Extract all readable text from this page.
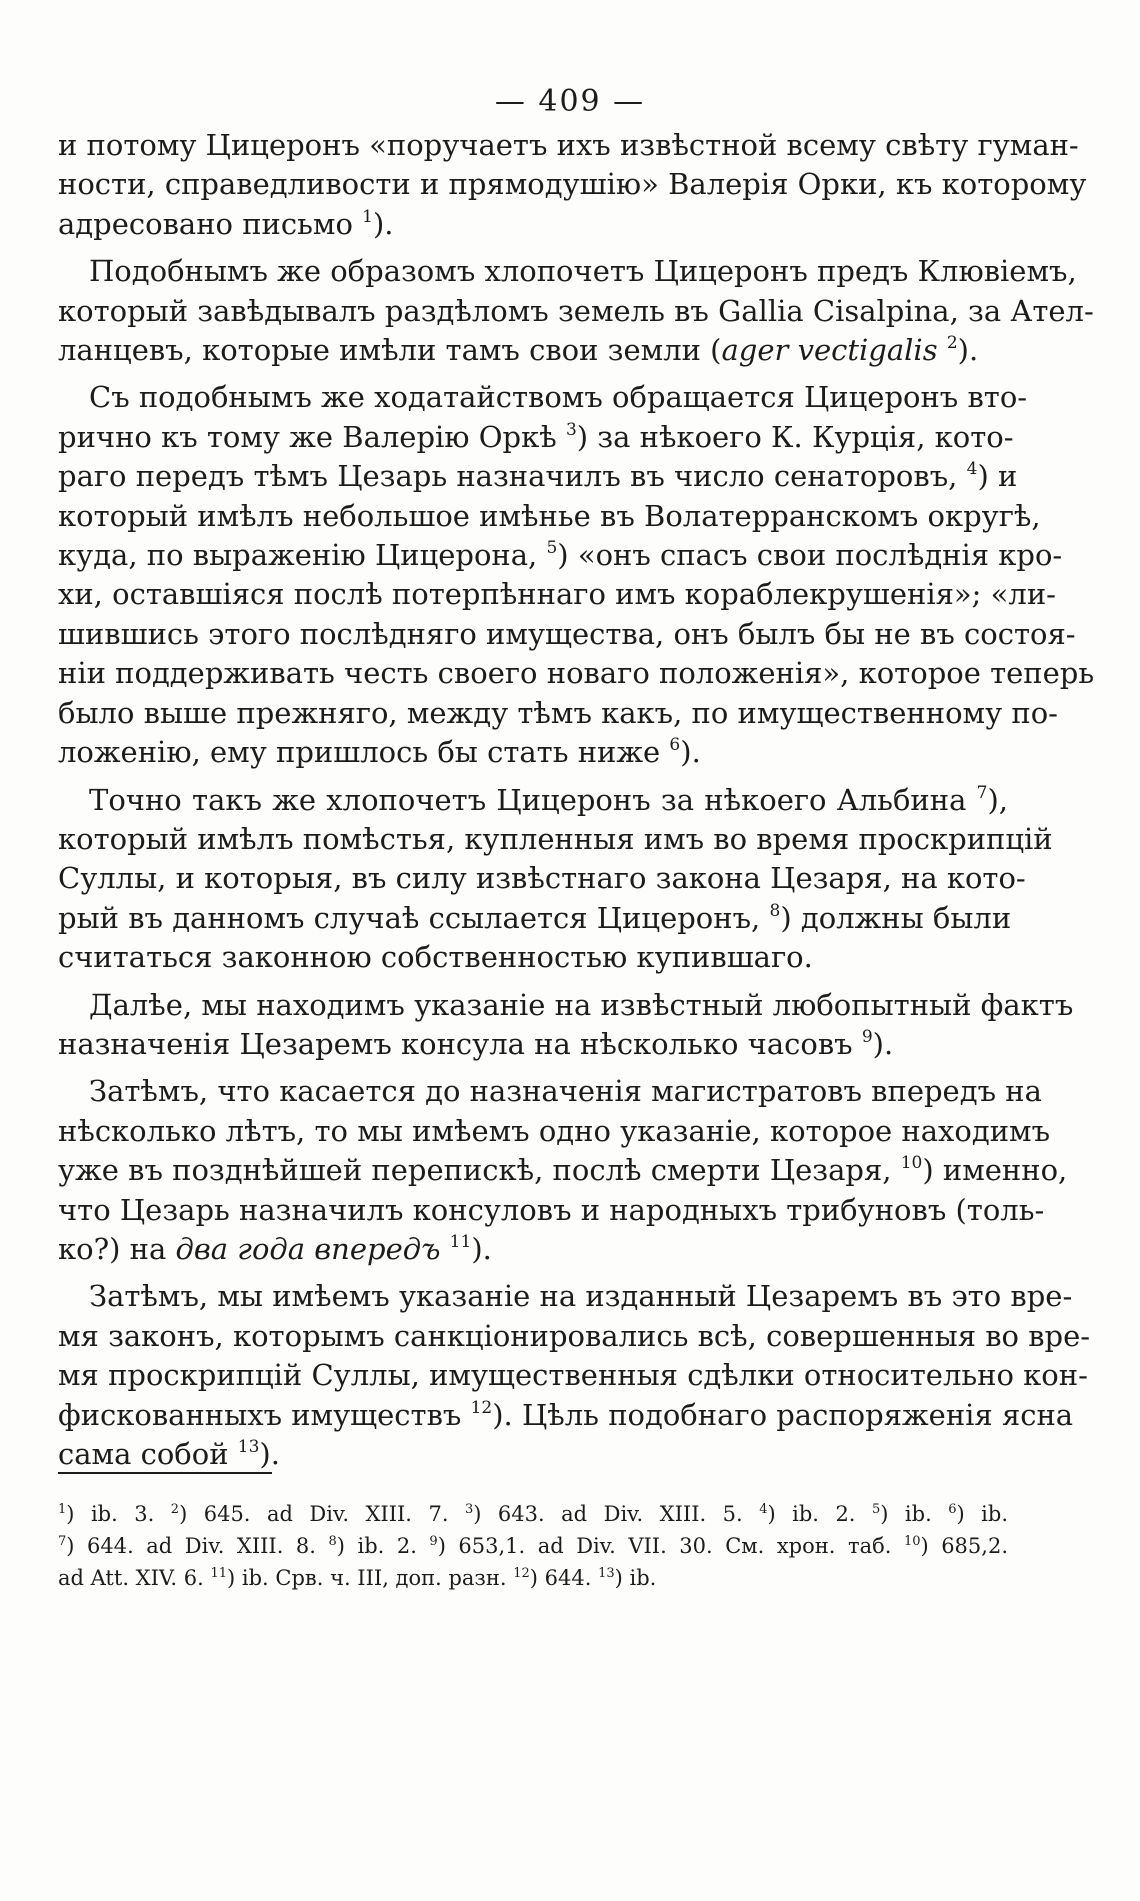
— 409 —
и потому Цицеронъ «поручаетъ ихъ извѣстной всему свѣту гуман-
ности, справедливости и прямодушію» Валерія Орки, къ которому
адресовано письмо $^1$).
Подобнымъ же образомъ хлопочетъ Цицеронъ предъ Клювіемъ,
который завѣдывалъ раздѣломъ земель въ Gallia Cisalpina, за Ател-
ланцевъ, которые имѣли тамъ свои земли (ager vectigalis $^2$).
Съ подобнымъ же ходатайствомъ обращается Цицеронъ вто-
рично къ тому же Валерію Оркѣ $^3$) за нѣкоего К. Курція, кото-
раго передъ тѣмъ Цезарь назначилъ въ число сенаторовъ, $^4$) и
который имѣлъ небольшое имѣнье въ Волатерранскомъ округѣ,
куда, по выраженію Цицерона, $^5$) «онъ спасъ свои послѣднія кро-
хи, оставшіяся послѣ потерпѣннаго имъ кораблекрушенія»; «ли-
шившись этого послѣдняго имущества, онъ былъ бы не въ состоя-
ніи поддерживать честь своего новаго положенія», которое теперь
было выше прежняго, между тѣмъ какъ, по имущественному по-
ложенію, ему пришлось бы стать ниже $^6$).
Точно такъ же хлопочетъ Цицеронъ за нѣкоего Альбина $^7$),
который имѣлъ помѣстья, купленныя имъ во время проскрипцій
Суллы, и которыя, въ силу извѣстнаго закона Цезаря, на кото-
рый въ данномъ случаѣ ссылается Цицеронъ, $^8$) должны были
считаться законною собственностью купившаго.
Далѣе, мы находимъ указаніе на извѣстный любопытный фактъ
назначенія Цезаремъ консула на нѣсколько часовъ $^9$).
Затѣмъ, что касается до назначенія магистратовъ впередъ на
нѣсколько лѣтъ, то мы имѣемъ одно указаніе, которое находимъ
уже въ позднѣйшей перепискѣ, послѣ смерти Цезаря, $^{10}$) именно,
что Цезарь назначилъ консуловъ и народныхъ трибуновъ (толь-
ко?) на два года впередъ $^{11}$).
Затѣмъ, мы имѣемъ указаніе на изданный Цезаремъ въ это вре-
мя законъ, которымъ санкціонировались всѣ, совершенныя во вре-
мя проскрипцій Суллы, имущественныя сдѣлки относительно кон-
фискованныхъ имуществъ $^{12}$). Цѣль подобнаго распоряженія ясна
сама собой $^{13}$).
$^1$) ib. 3. $^2$) 645. ad Div. XIII. 7. $^3$) 643. ad Div. XIII. 5. $^4$) ib. 2. $^5$) ib. $^6$) ib.
$^7$) 644. ad Div. XIII. 8. $^8$) ib. 2. $^9$) 653,1. ad Div. VII. 30. См. хрон. таб. $^{10}$) 685,2.
ad Att. XIV. 6. $^{11}$) ib. Срв. ч. III, доп. разн. $^{12}$) 644. $^{13}$) ib.
